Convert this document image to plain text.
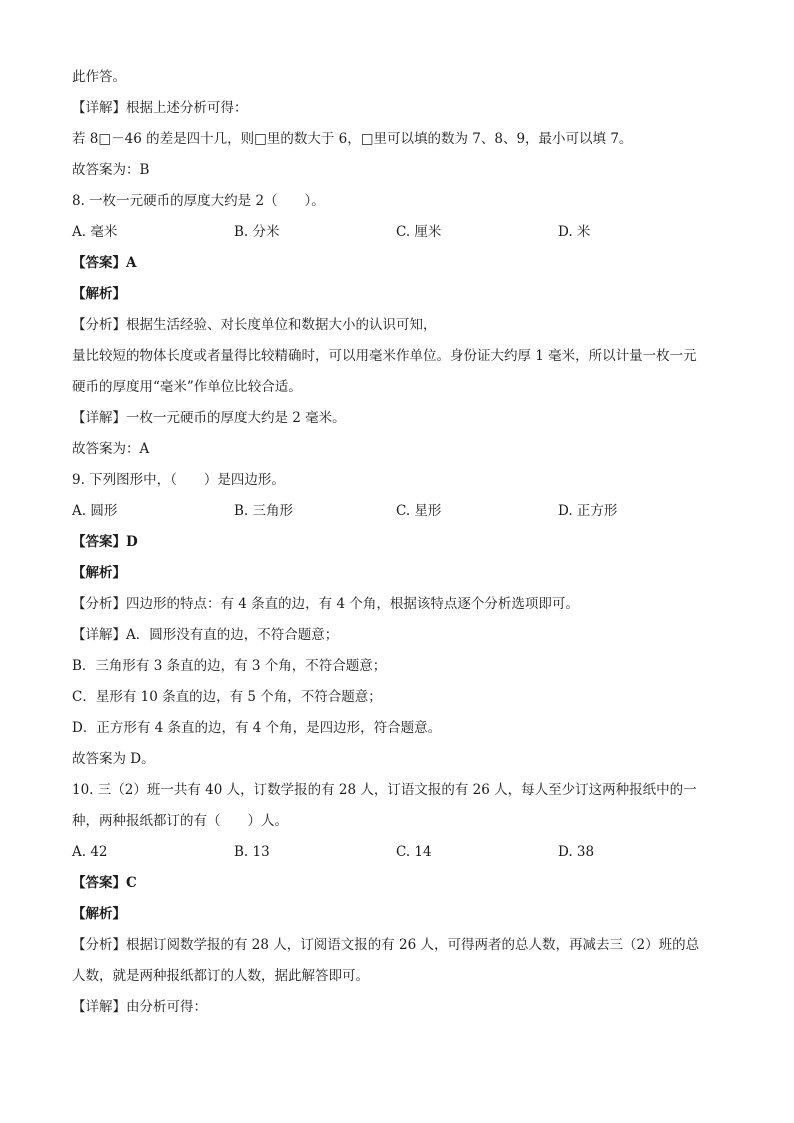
此作答。
【详解】根据上述分析可得：
若 8□－46 的差是四十几，则□里的数大于 6，□里可以填的数为 7、8、9，最小可以填 7。
故答案为：B
8. 一枚一元硬币的厚度大约是 2（　　）。
A. 毫米	B. 分米	C. 厘米	D. 米
【答案】A
【解析】
【分析】根据生活经验、对长度单位和数据大小的认识可知，
量比较短的物体长度或者量得比较精确时，可以用毫米作单位。身份证大约厚 1 毫米，所以计量一枚一元
硬币的厚度用“毫米”作单位比较合适。
【详解】一枚一元硬币的厚度大约是 2 毫米。
故答案为：A
9. 下列图形中，（　　）是四边形。
A. 圆形	B. 三角形	C. 星形	D. 正方形
【答案】D
【解析】
【分析】四边形的特点：有 4 条直的边，有 4 个角，根据该特点逐个分析选项即可。
【详解】A．圆形没有直的边，不符合题意；
B．三角形有 3 条直的边，有 3 个角，不符合题意；
C．星形有 10 条直的边，有 5 个角，不符合题意；
D．正方形有 4 条直的边，有 4 个角，是四边形，符合题意。
故答案为 D。
10. 三（2）班一共有 40 人，订数学报的有 28 人，订语文报的有 26 人，每人至少订这两种报纸中的一
种，两种报纸都订的有（　　）人。
A. 42	B. 13	C. 14	D. 38
【答案】C
【解析】
【分析】根据订阅数学报的有 28 人，订阅语文报的有 26 人，可得两者的总人数，再减去三（2）班的总
人数，就是两种报纸都订的人数，据此解答即可。
【详解】由分析可得：
